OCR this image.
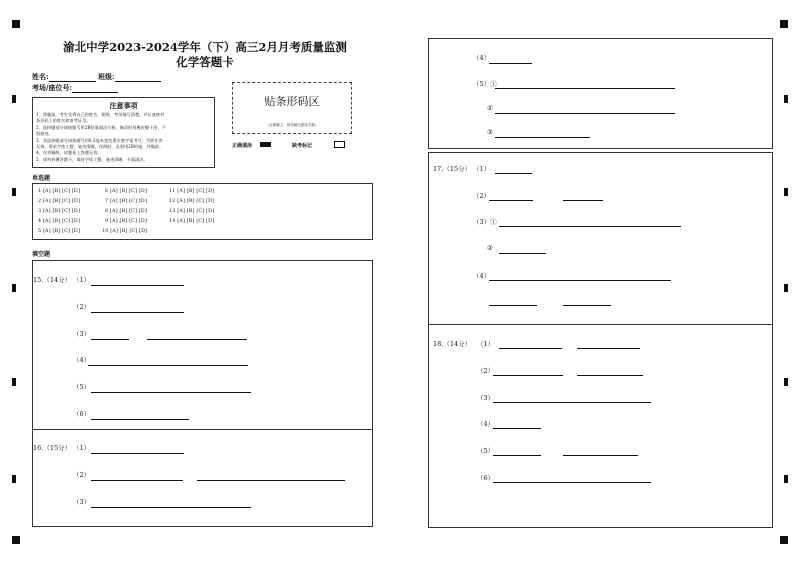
渝北中学2023-2024学年（下）高三2月月考质量监测
化学答题卡
姓名:	班级:
考场/座位号:
贴条形码区
（正面朝上，切勿贴出虚线方框）
正确填涂	缺考标记
注意事项
1、答题前，考生先将自己的姓名、班级、考场填写清楚，并认真核对
条形码上的姓名和准考证号。
2、选择题部分请按题号用2B铅笔填涂方框，修改时用橡皮擦干净，不
留痕迹。
3、非选择题部分请按题号用0.5毫米黑色墨水签字笔书写，否则作答
无效。要求字体工整、笔迹清晰。作图时，必须用2B铅笔，并描浓。
4、在草稿纸、试题卷上答题无效。
5、请勿折叠答题卡，保持字体工整、笔迹清晰、卡面清洁。
单选题
1 [A] [B] [C] [D]
2 [A] [B] [C] [D]
3 [A] [B] [C] [D]
4 [A] [B] [C] [D]
5 [A] [B] [C] [D]
6 [A] [B] [C] [D]
7 [A] [B] [C] [D]
8 [A] [B] [C] [D]
9 [A] [B] [C] [D]
10 [A] [B] [C] [D]
11 [A] [B] [C] [D]
12 [A] [B] [C] [D]
13 [A] [B] [C] [D]
14 [A] [B] [C] [D]
填空题
15.（14分） （1）
（2）
（3）
（4）
（5）
（6）
16.（15分） （1）
（2）
（3）
（4）
（5）①
②
③
17.（15分） （1）
（2）
（3）①
②
（4）
18.（14分） （1）
（2）
（3）
（4）
（5）
（6）
